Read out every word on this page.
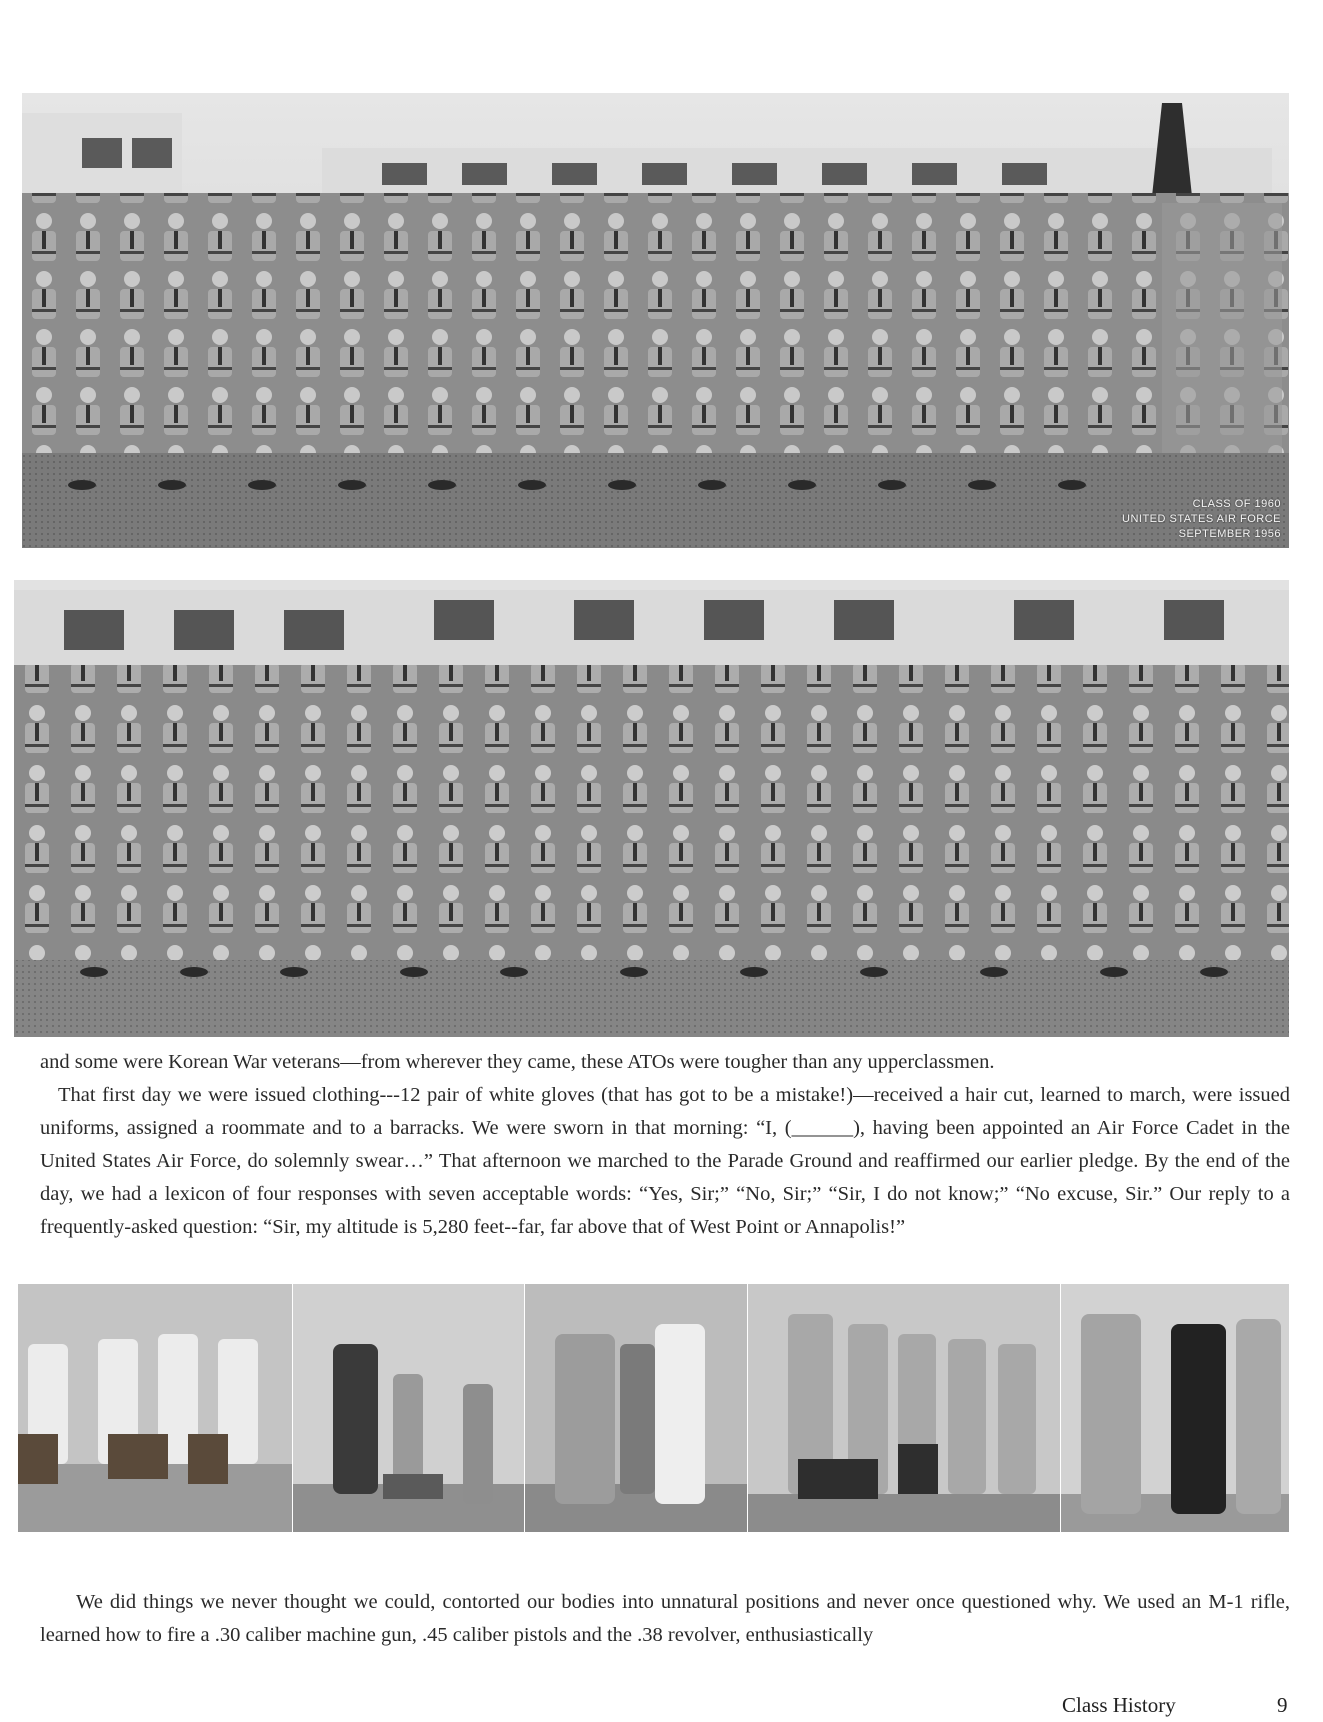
CLASS OF 1960
UNITED STATES AIR FORCE
SEPTEMBER 1956

and some were Korean War veterans—from wherever they came, these ATOs were tougher than any upperclassmen.

That first day we were issued clothing---12 pair of white gloves (that has got to be a mistake!)—received a hair cut, learned to march, were issued uniforms, assigned a roommate and to a barracks. We were sworn in that morning: “I, (______), having been appointed an Air Force Cadet in the United States Air Force, do solemnly swear…” That afternoon we marched to the Parade Ground and reaffirmed our earlier pledge. By the end of the day, we had a lexicon of four responses with seven acceptable words: “Yes, Sir;” “No, Sir;” “Sir, I do not know;” “No excuse, Sir.” Our reply to a frequently-asked question: “Sir, my altitude is 5,280 feet--far, far above that of West Point or Annapolis!”

We did things we never thought we could, contorted our bodies into unnatural positions and never once questioned why. We used an M-1 rifle, learned how to fire a .30 caliber machine gun, .45 caliber pistols and the .38 revolver, enthusiastically

Class History	9
